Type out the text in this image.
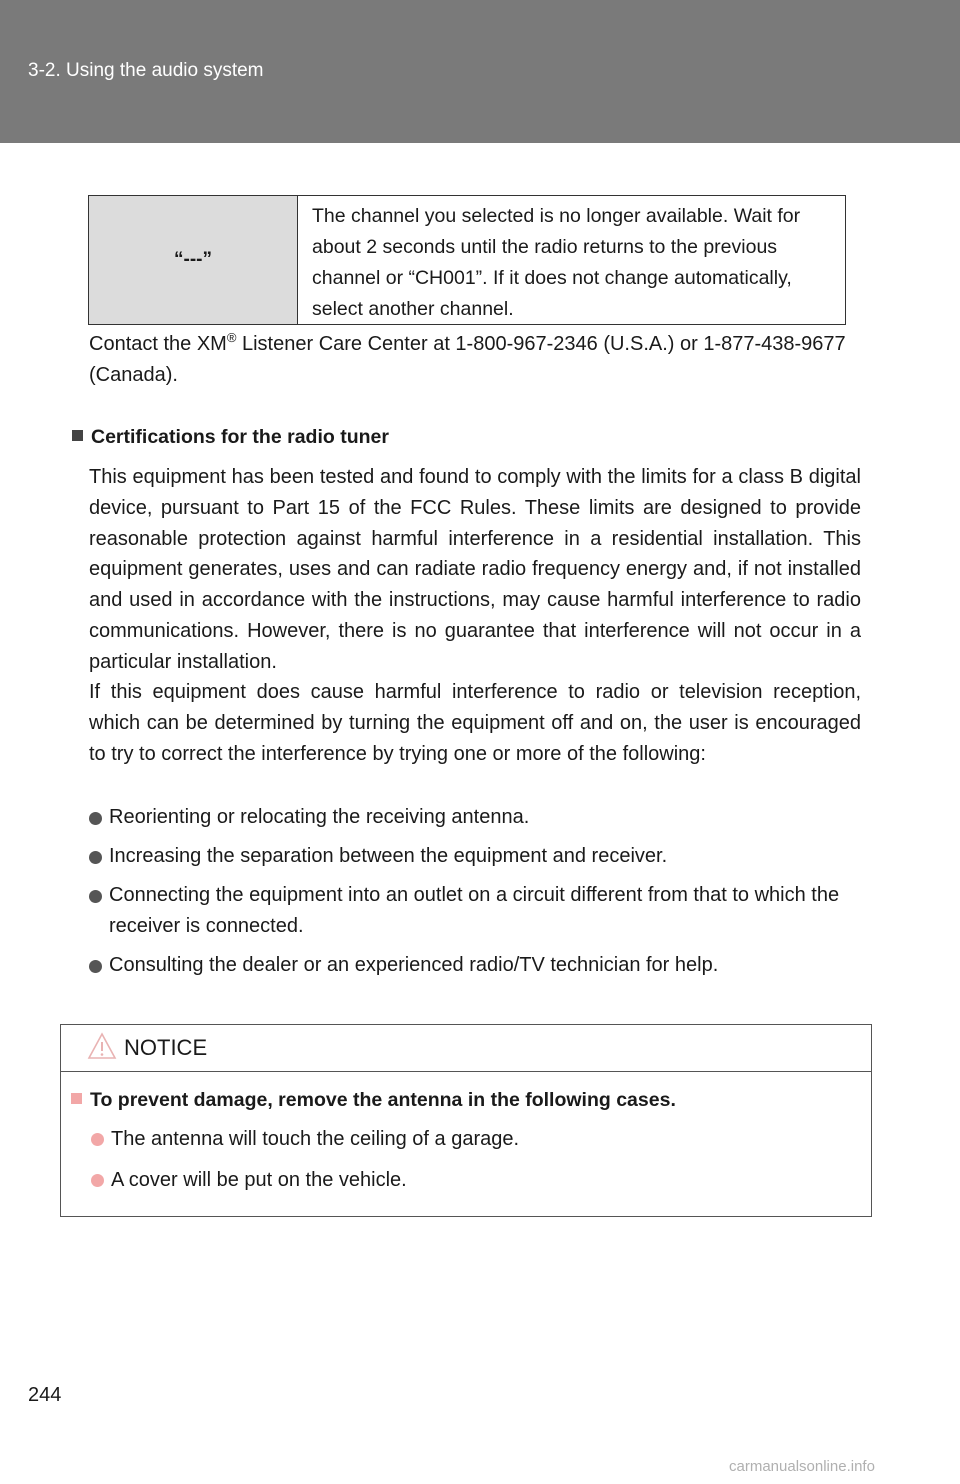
3-2. Using the audio system
“---”
The channel you selected is no longer available. Wait for about 2 seconds until the radio returns to the previous channel or “CH001”. If it does not change automatically, select another channel.
Contact the XM® Listener Care Center at 1-800-967-2346 (U.S.A.) or 1-877-438-9677 (Canada).
Certifications for the radio tuner
This equipment has been tested and found to comply with the limits for a class B digital device, pursuant to Part 15 of the FCC Rules. These limits are designed to provide reasonable protection against harmful interference in a residential installation. This equipment generates, uses and can radiate radio frequency energy and, if not installed and used in accordance with the instructions, may cause harmful interference to radio communications. However, there is no guarantee that interference will not occur in a particular installation.
If this equipment does cause harmful interference to radio or television reception, which can be determined by turning the equipment off and on, the user is encouraged to try to correct the interference by trying one or more of the following:
Reorienting or relocating the receiving antenna.
Increasing the separation between the equipment and receiver.
Connecting the equipment into an outlet on a circuit different from that to which the receiver is connected.
Consulting the dealer or an experienced radio/TV technician for help.
NOTICE
To prevent damage, remove the antenna in the following cases.
The antenna will touch the ceiling of a garage.
A cover will be put on the vehicle.
244
carmanualsonline.info
